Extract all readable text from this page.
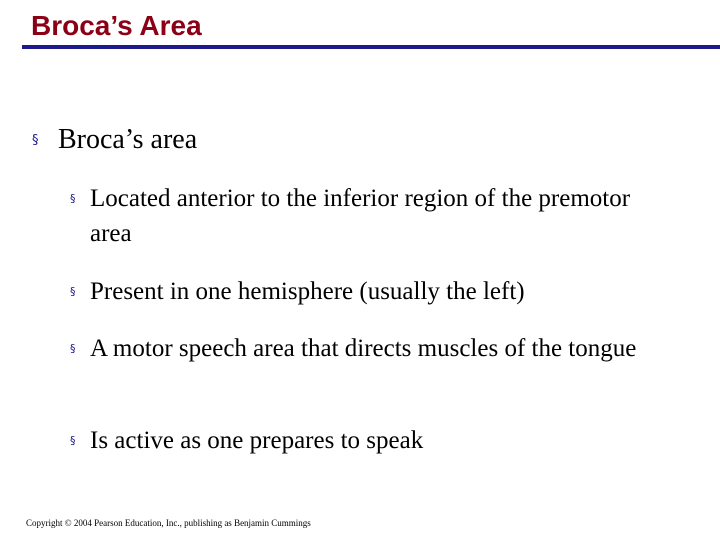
Broca’s Area
§ Broca’s area
§ Located anterior to the inferior region of the premotor area
§ Present in one hemisphere (usually the left)
§ A motor speech area that directs muscles of the tongue
§ Is active as one prepares to speak

Copyright © 2004 Pearson Education, Inc., publishing as Benjamin Cummings
